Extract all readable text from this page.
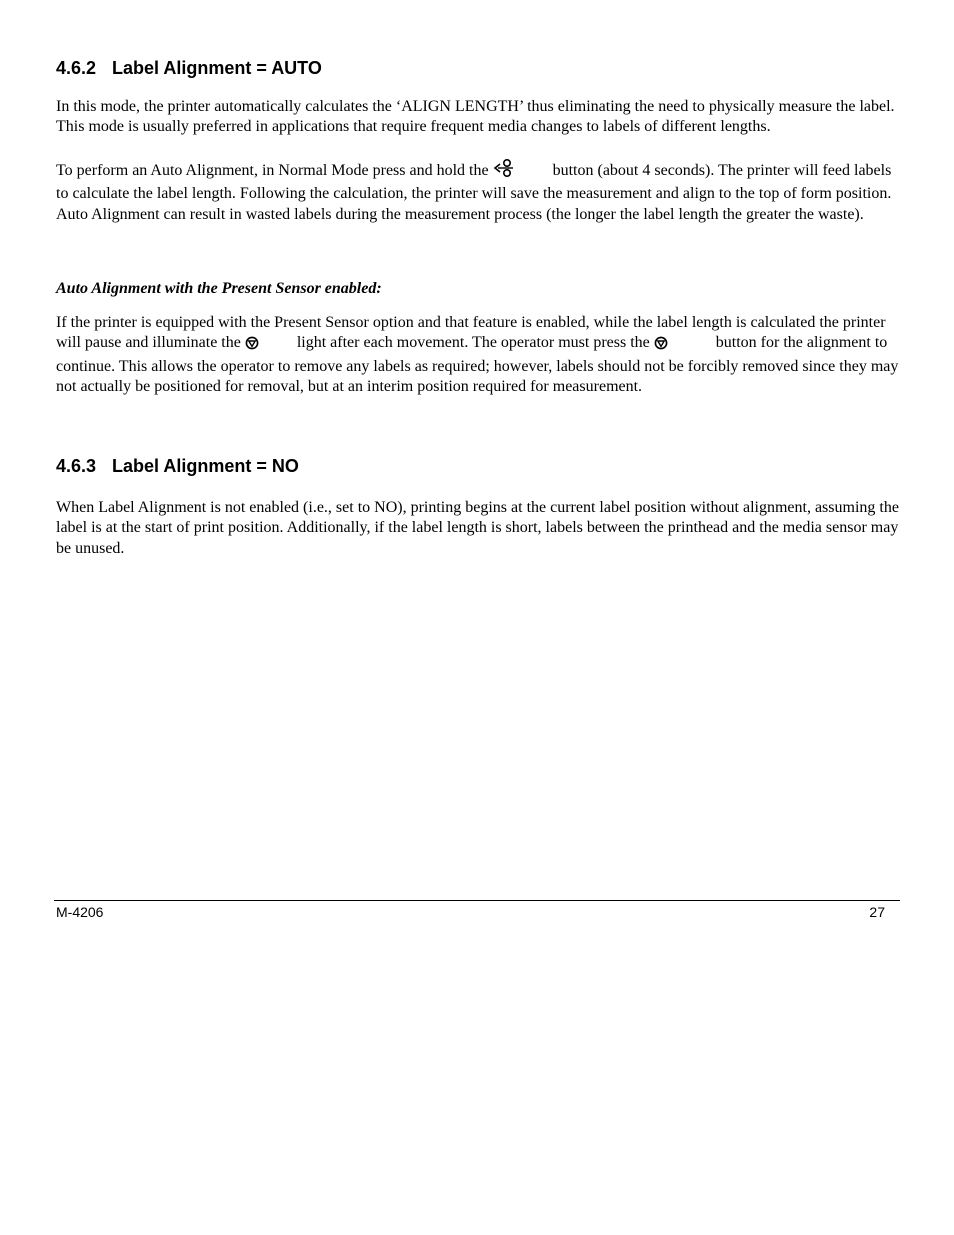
4.6.2 Label Alignment = AUTO

In this mode, the printer automatically calculates the ‘ALIGN LENGTH’ thus eliminating the need to physically measure the label. This mode is usually preferred in applications that require frequent media changes to labels of different lengths.

To perform an Auto Alignment, in Normal Mode press and hold the	button (about 4 seconds). The printer will feed labels to calculate the label length. Following the calculation, the printer will save the measurement and align to the top of form position. Auto Alignment can result in wasted labels during the measurement process (the longer the label length the greater the waste).

Auto Alignment with the Present Sensor enabled:

If the printer is equipped with the Present Sensor option and that feature is enabled, while the label length is calculated the printer will pause and illuminate the	light after each movement. The operator must press the	button for the alignment to continue. This allows the operator to remove any labels as required; however, labels should not be forcibly removed since they may not actually be positioned for removal, but at an interim position required for measurement.

4.6.3 Label Alignment = NO

When Label Alignment is not enabled (i.e., set to NO), printing begins at the current label position without alignment, assuming the label is at the start of print position. Additionally, if the label length is short, labels between the printhead and the media sensor may be unused.

M-4206	27
